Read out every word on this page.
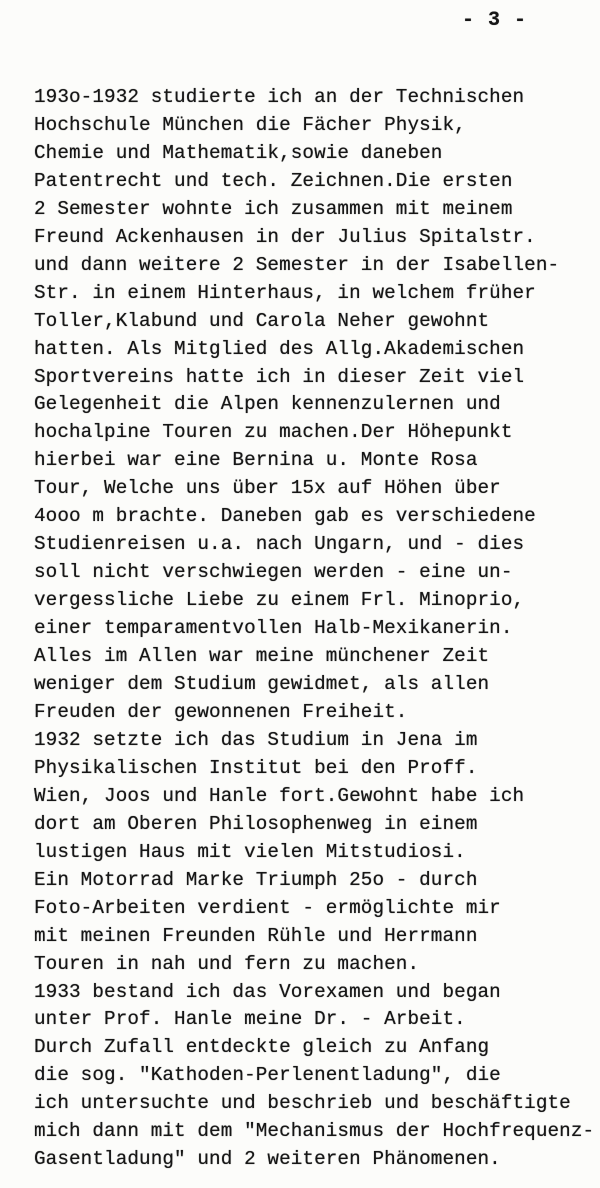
- 3 -
193o-1932 studierte ich an der Technischen
Hochschule München die Fächer Physik,
Chemie und Mathematik,sowie daneben
Patentrecht und tech. Zeichnen.Die ersten
2 Semester wohnte ich zusammen mit meinem
Freund Ackenhausen in der Julius Spitalstr.
und dann weitere 2 Semester in der Isabellen-
Str. in einem Hinterhaus, in welchem früher
Toller,Klabund und Carola Neher gewohnt
hatten. Als Mitglied des Allg.Akademischen
Sportvereins hatte ich in dieser Zeit viel
Gelegenheit die Alpen kennenzulernen und
hochalpine Touren zu machen.Der Höhepunkt
hierbei war eine Bernina u. Monte Rosa
Tour, Welche uns über 15x auf Höhen über
4ooo m brachte. Daneben gab es verschiedene
Studienreisen u.a. nach Ungarn, und - dies
soll nicht verschwiegen werden - eine un-
vergessliche Liebe zu einem Frl. Minoprio,
einer temparamentvollen Halb-Mexikanerin.
Alles im Allen war meine münchener Zeit
weniger dem Studium gewidmet, als allen
Freuden der gewonnenen Freiheit.
1932 setzte ich das Studium in Jena im
Physikalischen Institut bei den Proff.
Wien, Joos und Hanle fort.Gewohnt habe ich
dort am Oberen Philosophenweg in einem
lustigen Haus mit vielen Mitstudiosi.
Ein Motorrad Marke Triumph 25o - durch
Foto-Arbeiten verdient - ermöglichte mir
mit meinen Freunden Rühle und Herrmann
Touren in nah und fern zu machen.
1933 bestand ich das Vorexamen und began
unter Prof. Hanle meine Dr. - Arbeit.
Durch Zufall entdeckte gleich zu Anfang
die sog. "Kathoden-Perlenentladung", die
ich untersuchte und beschrieb und beschäftigte
mich dann mit dem "Mechanismus der Hochfrequenz-
Gasentladung" und 2 weiteren Phänomenen.
